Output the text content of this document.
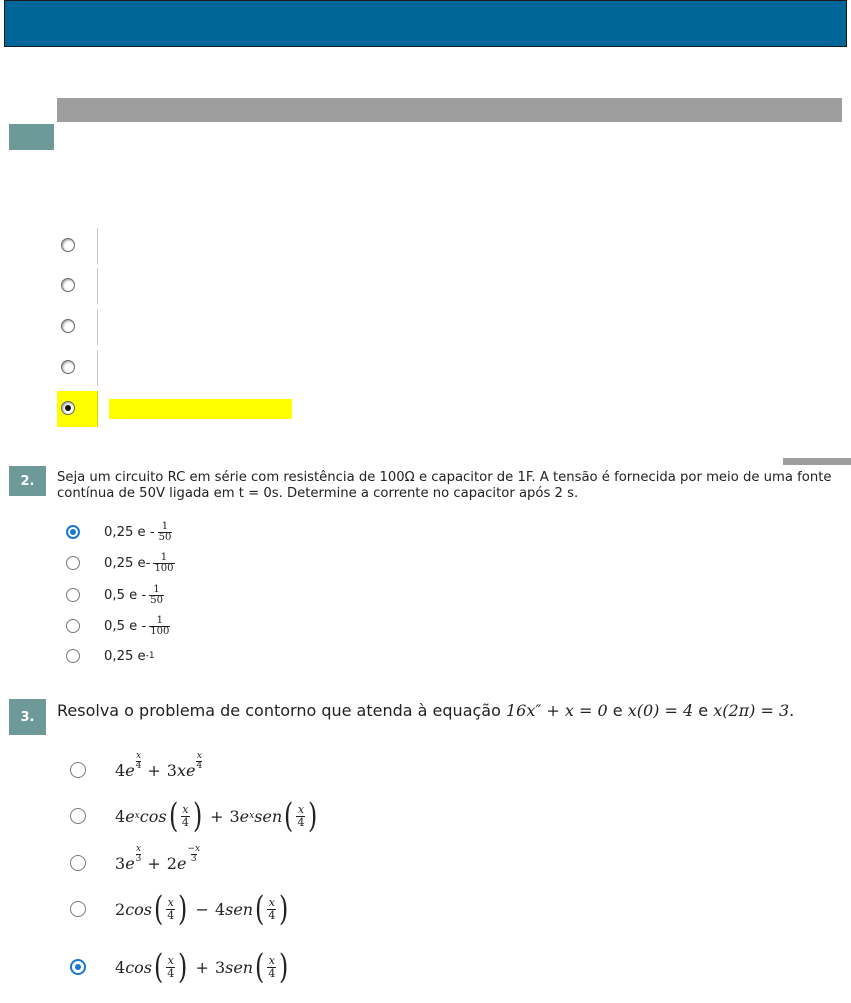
2.	Seja um circuito RC em série com resistência de 100Ω e capacitor de 1F. A tensão é fornecida por meio de uma fonte
contínua de 50V ligada em t = 0s. Determine a corrente no capacitor após 2 s.
0,25 e - $\frac{1}{50}$
0,25 $e- \frac{1}{100}$
0,5 e - $\frac{1}{50}$
0,5 e - $\frac{1}{100}$
0,25 e -1
3.	Resolva o problema de contorno que atenda à equação 16x″ + x = 0 e x(0) = 4 e x(2π) = 3.
4 e
x
4 + 3 xe
x
4
4 e x cos ( x
4 ) + 3 e x sen ( x
4 )
3 e
x
3 + 2 e
−x
3
2 cos ( x
4 ) − 4 sen ( x
4 )
4 cos ( x
4 ) + 3 sen ( x
4 )
